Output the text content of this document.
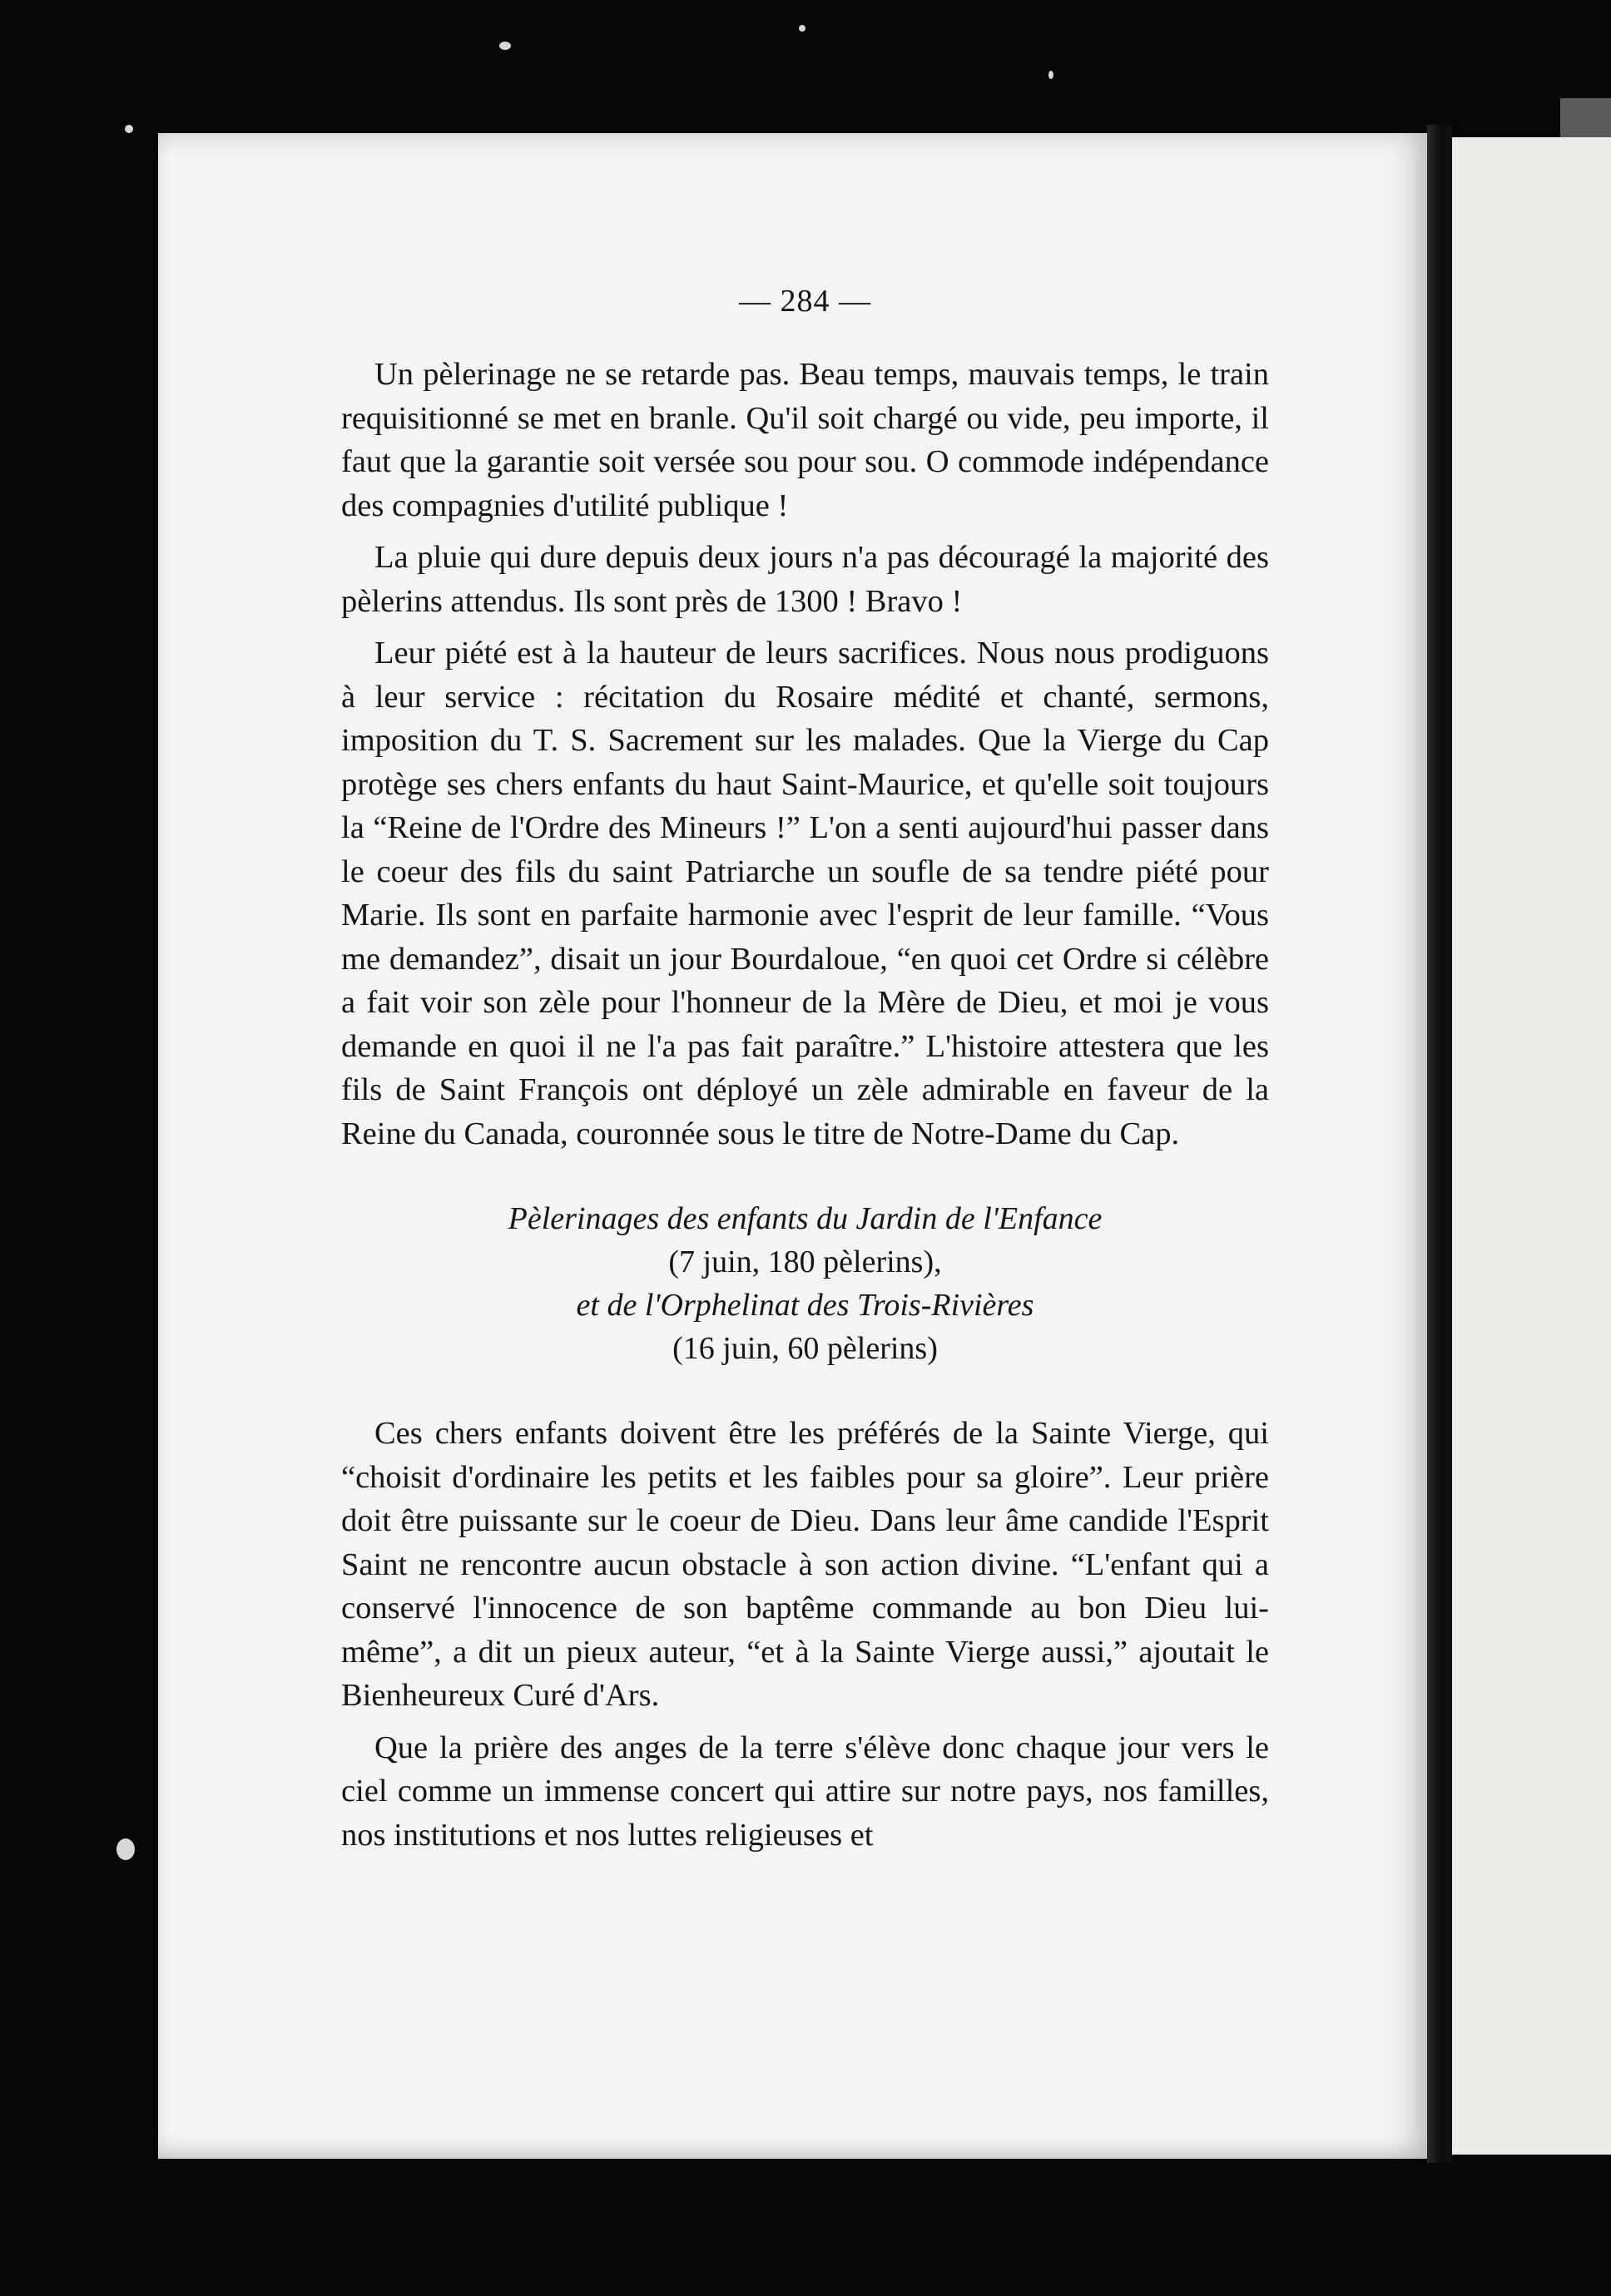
— 284 —

Un pèlerinage ne se retarde pas. Beau temps, mauvais temps, le train requisitionné se met en branle. Qu'il soit chargé ou vide, peu importe, il faut que la garantie soit versée sou pour sou. O commode indépendance des compagnies d'utilité publique !

La pluie qui dure depuis deux jours n'a pas découragé la majorité des pèlerins attendus. Ils sont près de 1300 ! Bravo !

Leur piété est à la hauteur de leurs sacrifices. Nous nous prodiguons à leur service : récitation du Rosaire médité et chanté, sermons, imposition du T. S. Sacrement sur les malades. Que la Vierge du Cap protège ses chers enfants du haut Saint-Maurice, et qu'elle soit toujours la “Reine de l'Ordre des Mineurs !” L'on a senti aujourd'hui passer dans le coeur des fils du saint Patriarche un soufle de sa tendre piété pour Marie. Ils sont en parfaite harmonie avec l'esprit de leur famille. “Vous me demandez”, disait un jour Bourdaloue, “en quoi cet Ordre si célèbre a fait voir son zèle pour l'honneur de la Mère de Dieu, et moi je vous demande en quoi il ne l'a pas fait paraître.” L'histoire attestera que les fils de Saint François ont déployé un zèle admirable en faveur de la Reine du Canada, couronnée sous le titre de Notre-Dame du Cap.

Pèlerinages des enfants du Jardin de l'Enfance
(7 juin, 180 pèlerins),
et de l'Orphelinat des Trois-Rivières
(16 juin, 60 pèlerins)

Ces chers enfants doivent être les préférés de la Sainte Vierge, qui “choisit d'ordinaire les petits et les faibles pour sa gloire”. Leur prière doit être puissante sur le coeur de Dieu. Dans leur âme candide l'Esprit Saint ne rencontre aucun obstacle à son action divine. “L'enfant qui a conservé l'innocence de son baptême commande au bon Dieu lui-même”, a dit un pieux auteur, “et à la Sainte Vierge aussi,” ajoutait le Bienheureux Curé d'Ars.

Que la prière des anges de la terre s'élève donc chaque jour vers le ciel comme un immense concert qui attire sur notre pays, nos familles, nos institutions et nos luttes religieuses et
